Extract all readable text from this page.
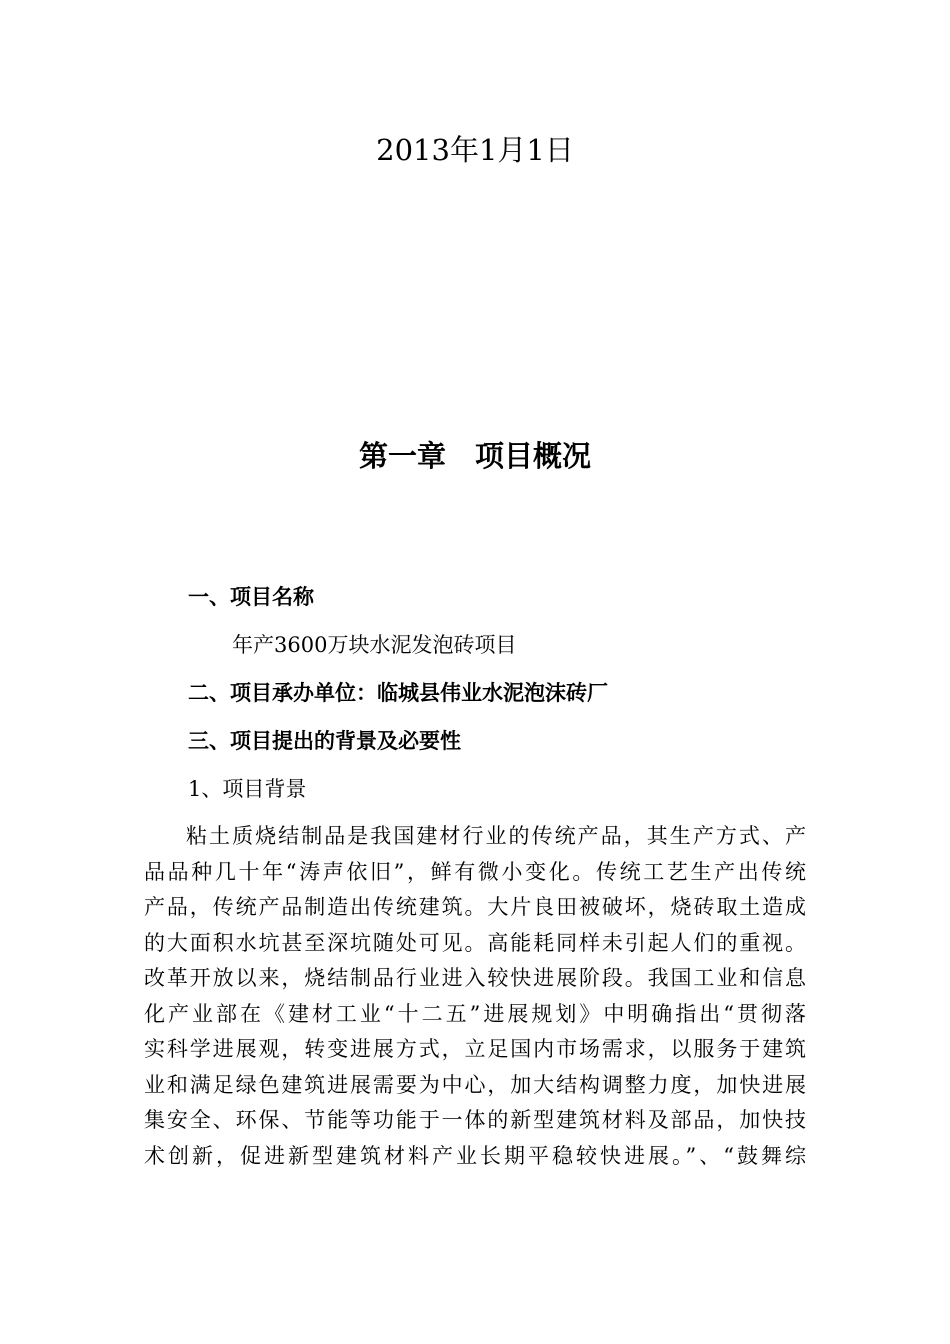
2013年1月1日
第一章　项目概况
一、项目名称
年产3600万块水泥发泡砖项目
二、项目承办单位：临城县伟业水泥泡沫砖厂
三、项目提出的背景及必要性
1、项目背景
粘土质烧结制品是我国建材行业的传统产品，其生产方式、产
品品种几十年“涛声依旧”，鲜有微小变化。传统工艺生产出传统
产品，传统产品制造出传统建筑。大片良田被破坏，烧砖取土造成
的大面积水坑甚至深坑随处可见。高能耗同样未引起人们的重视。
改革开放以来，烧结制品行业进入较快进展阶段。我国工业和信息
化产业部在《建材工业“十二五”进展规划》中明确指出“贯彻落
实科学进展观，转变进展方式，立足国内市场需求，以服务于建筑
业和满足绿色建筑进展需要为中心，加大结构调整力度，加快进展
集安全、环保、节能等功能于一体的新型建筑材料及部品，加快技
术创新，促进新型建筑材料产业长期平稳较快进展。”、“鼓舞综
